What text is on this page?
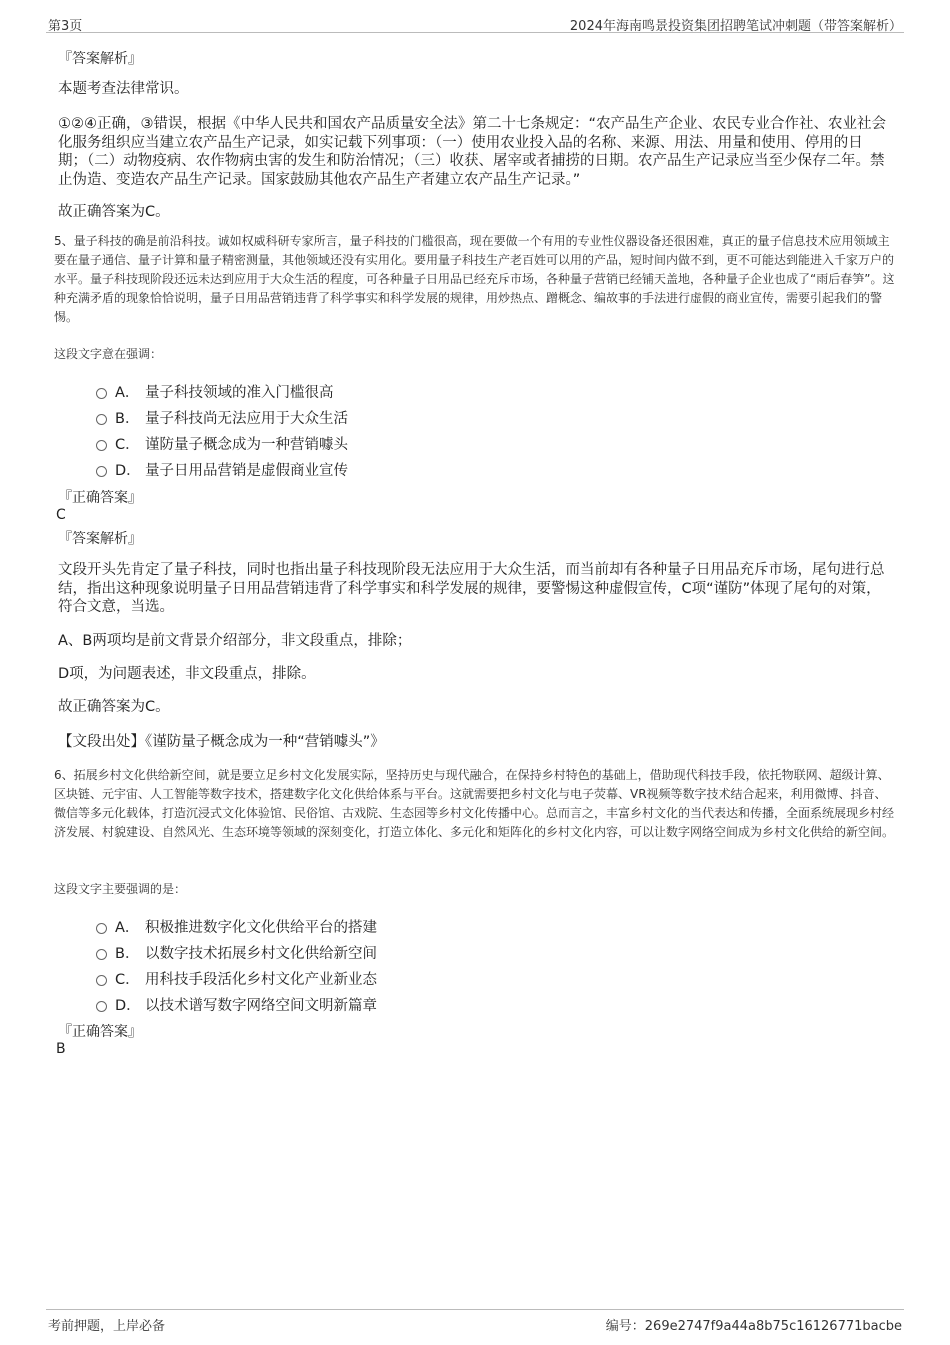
第3页	2024年海南鸣景投资集团招聘笔试冲刺题（带答案解析）
『答案解析』
本题考查法律常识。
①②④正确，③错误，根据《中华人民共和国农产品质量安全法》第二十七条规定：“农产品生产企业、农民专业合作社、农业社会化服务组织应当建立农产品生产记录，如实记载下列事项：（一）使用农业投入品的名称、来源、用法、用量和使用、停用的日期；（二）动物疫病、农作物病虫害的发生和防治情况；（三）收获、屠宰或者捕捞的日期。农产品生产记录应当至少保存二年。禁止伪造、变造农产品生产记录。国家鼓励其他农产品生产者建立农产品生产记录。”
故正确答案为C。
5、量子科技的确是前沿科技。诚如权威科研专家所言，量子科技的门槛很高，现在要做一个有用的专业性仪器设备还很困难，真正的量子信息技术应用领域主要在量子通信、量子计算和量子精密测量，其他领域还没有实用化。要用量子科技生产老百姓可以用的产品，短时间内做不到，更不可能达到能进入千家万户的水平。量子科技现阶段还远未达到应用于大众生活的程度，可各种量子日用品已经充斥市场，各种量子营销已经铺天盖地，各种量子企业也成了“雨后春笋”。这种充满矛盾的现象恰恰说明，量子日用品营销违背了科学事实和科学发展的规律，用炒热点、蹭概念、编故事的手法进行虚假的商业宣传，需要引起我们的警惕。
这段文字意在强调：
A． 量子科技领域的准入门槛很高
B． 量子科技尚无法应用于大众生活
C． 谨防量子概念成为一种营销噱头
D． 量子日用品营销是虚假商业宣传
『正确答案』
C
『答案解析』
文段开头先肯定了量子科技，同时也指出量子科技现阶段无法应用于大众生活，而当前却有各种量子日用品充斥市场，尾句进行总结，指出这种现象说明量子日用品营销违背了科学事实和科学发展的规律，要警惕这种虚假宣传，C项“谨防”体现了尾句的对策，符合文意，当选。
A、B两项均是前文背景介绍部分，非文段重点，排除；
D项，为问题表述，非文段重点，排除。
故正确答案为C。
【文段出处】《谨防量子概念成为一种“营销噱头”》
6、拓展乡村文化供给新空间，就是要立足乡村文化发展实际，坚持历史与现代融合，在保持乡村特色的基础上，借助现代科技手段，依托物联网、超级计算、区块链、元宇宙、人工智能等数字技术，搭建数字化文化供给体系与平台。这就需要把乡村文化与电子荧幕、VR视频等数字技术结合起来，利用微博、抖音、微信等多元化载体，打造沉浸式文化体验馆、民俗馆、古戏院、生态园等乡村文化传播中心。总而言之，丰富乡村文化的当代表达和传播，全面系统展现乡村经济发展、村貌建设、自然风光、生态环境等领域的深刻变化，打造立体化、多元化和矩阵化的乡村文化内容，可以让数字网络空间成为乡村文化供给的新空间。
这段文字主要强调的是：
A． 积极推进数字化文化供给平台的搭建
B． 以数字技术拓展乡村文化供给新空间
C． 用科技手段活化乡村文化产业新业态
D． 以技术谱写数字网络空间文明新篇章
『正确答案』
B
考前押题，上岸必备	编号：269e2747f9a44a8b75c16126771bacbe
